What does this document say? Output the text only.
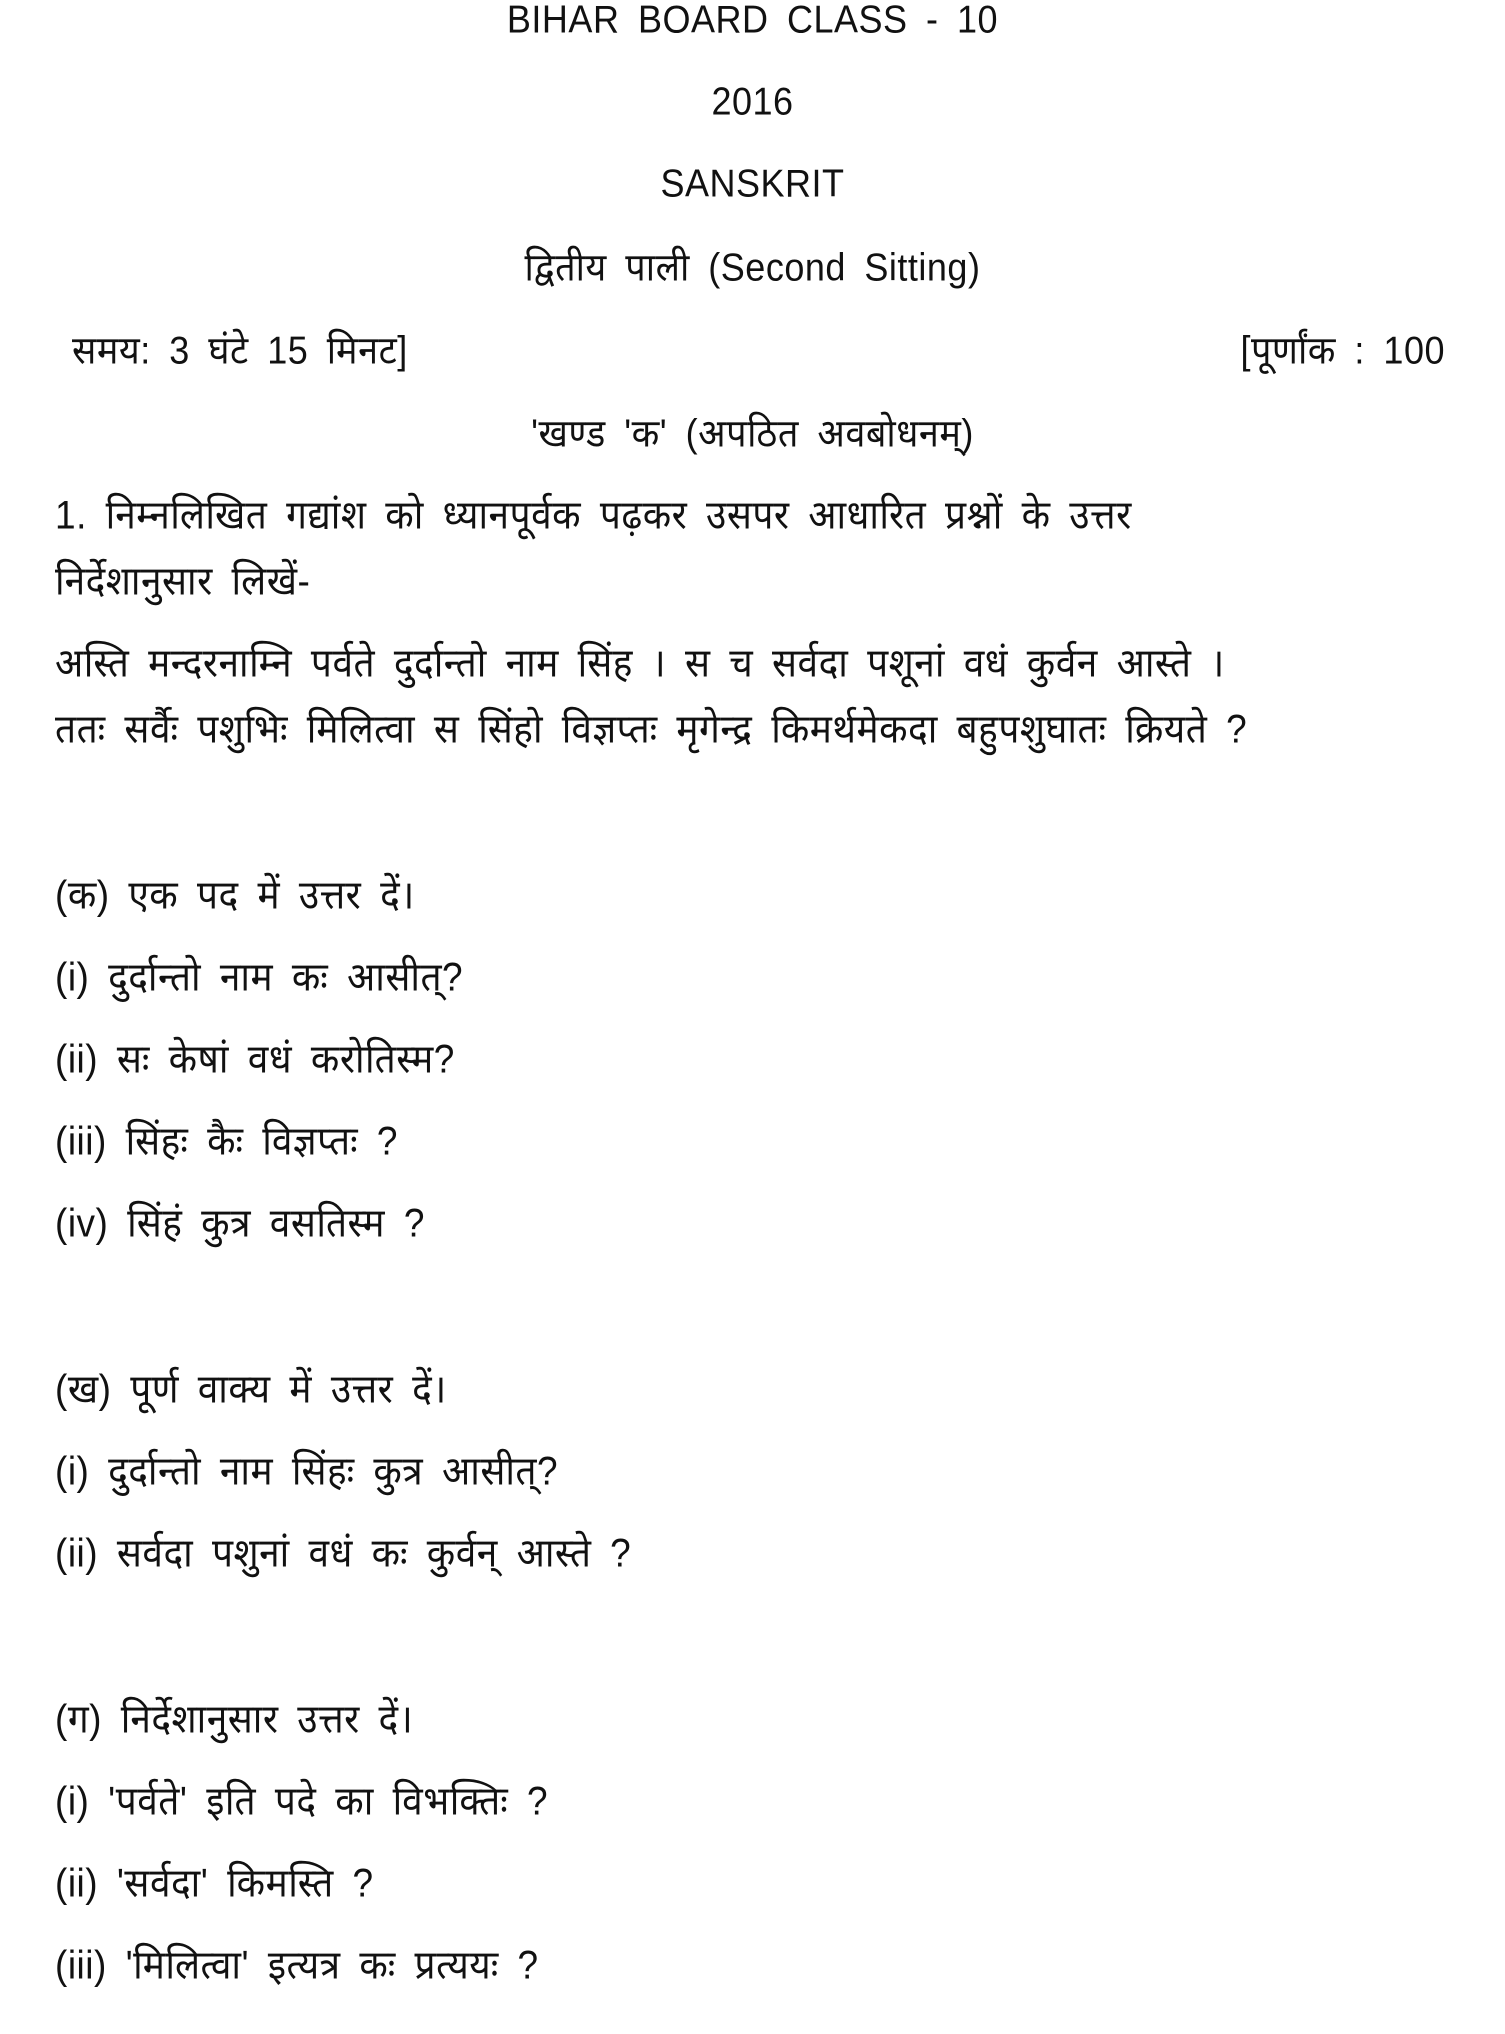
BIHAR BOARD CLASS - 10
2016
SANSKRIT
द्वितीय पाली (Second Sitting)
समय: 3 घंटे 15 मिनट]	[पूर्णांक : 100
'खण्ड 'क' (अपठित अवबोधनम्)
1. निम्नलिखित गद्यांश को ध्यानपूर्वक पढ़कर उसपर आधारित प्रश्नों के उत्तर
निर्देशानुसार लिखें-
अस्ति मन्दरनाम्नि पर्वते दुर्दान्तो नाम सिंह । स च सर्वदा पशूनां वधं कुर्वन आस्ते ।
ततः सर्वैः पशुभिः मिलित्वा स सिंहो विज्ञप्तः मृगेन्द्र किमर्थमेकदा बहुपशुघातः क्रियते ?
(क) एक पद में उत्तर दें।
(i) दुर्दान्तो नाम कः आसीत्?
(ii) सः केषां वधं करोतिस्म?
(iii) सिंहः कैः विज्ञप्तः ?
(iv) सिंहं कुत्र वसतिस्म ?
(ख) पूर्ण वाक्य में उत्तर दें।
(i) दुर्दान्तो नाम सिंहः कुत्र आसीत्?
(ii) सर्वदा पशुनां वधं कः कुर्वन् आस्ते ?
(ग) निर्देशानुसार उत्तर दें।
(i) 'पर्वते' इति पदे का विभक्तिः ?
(ii) 'सर्वदा' किमस्ति ?
(iii) 'मिलित्वा' इत्यत्र कः प्रत्ययः ?
